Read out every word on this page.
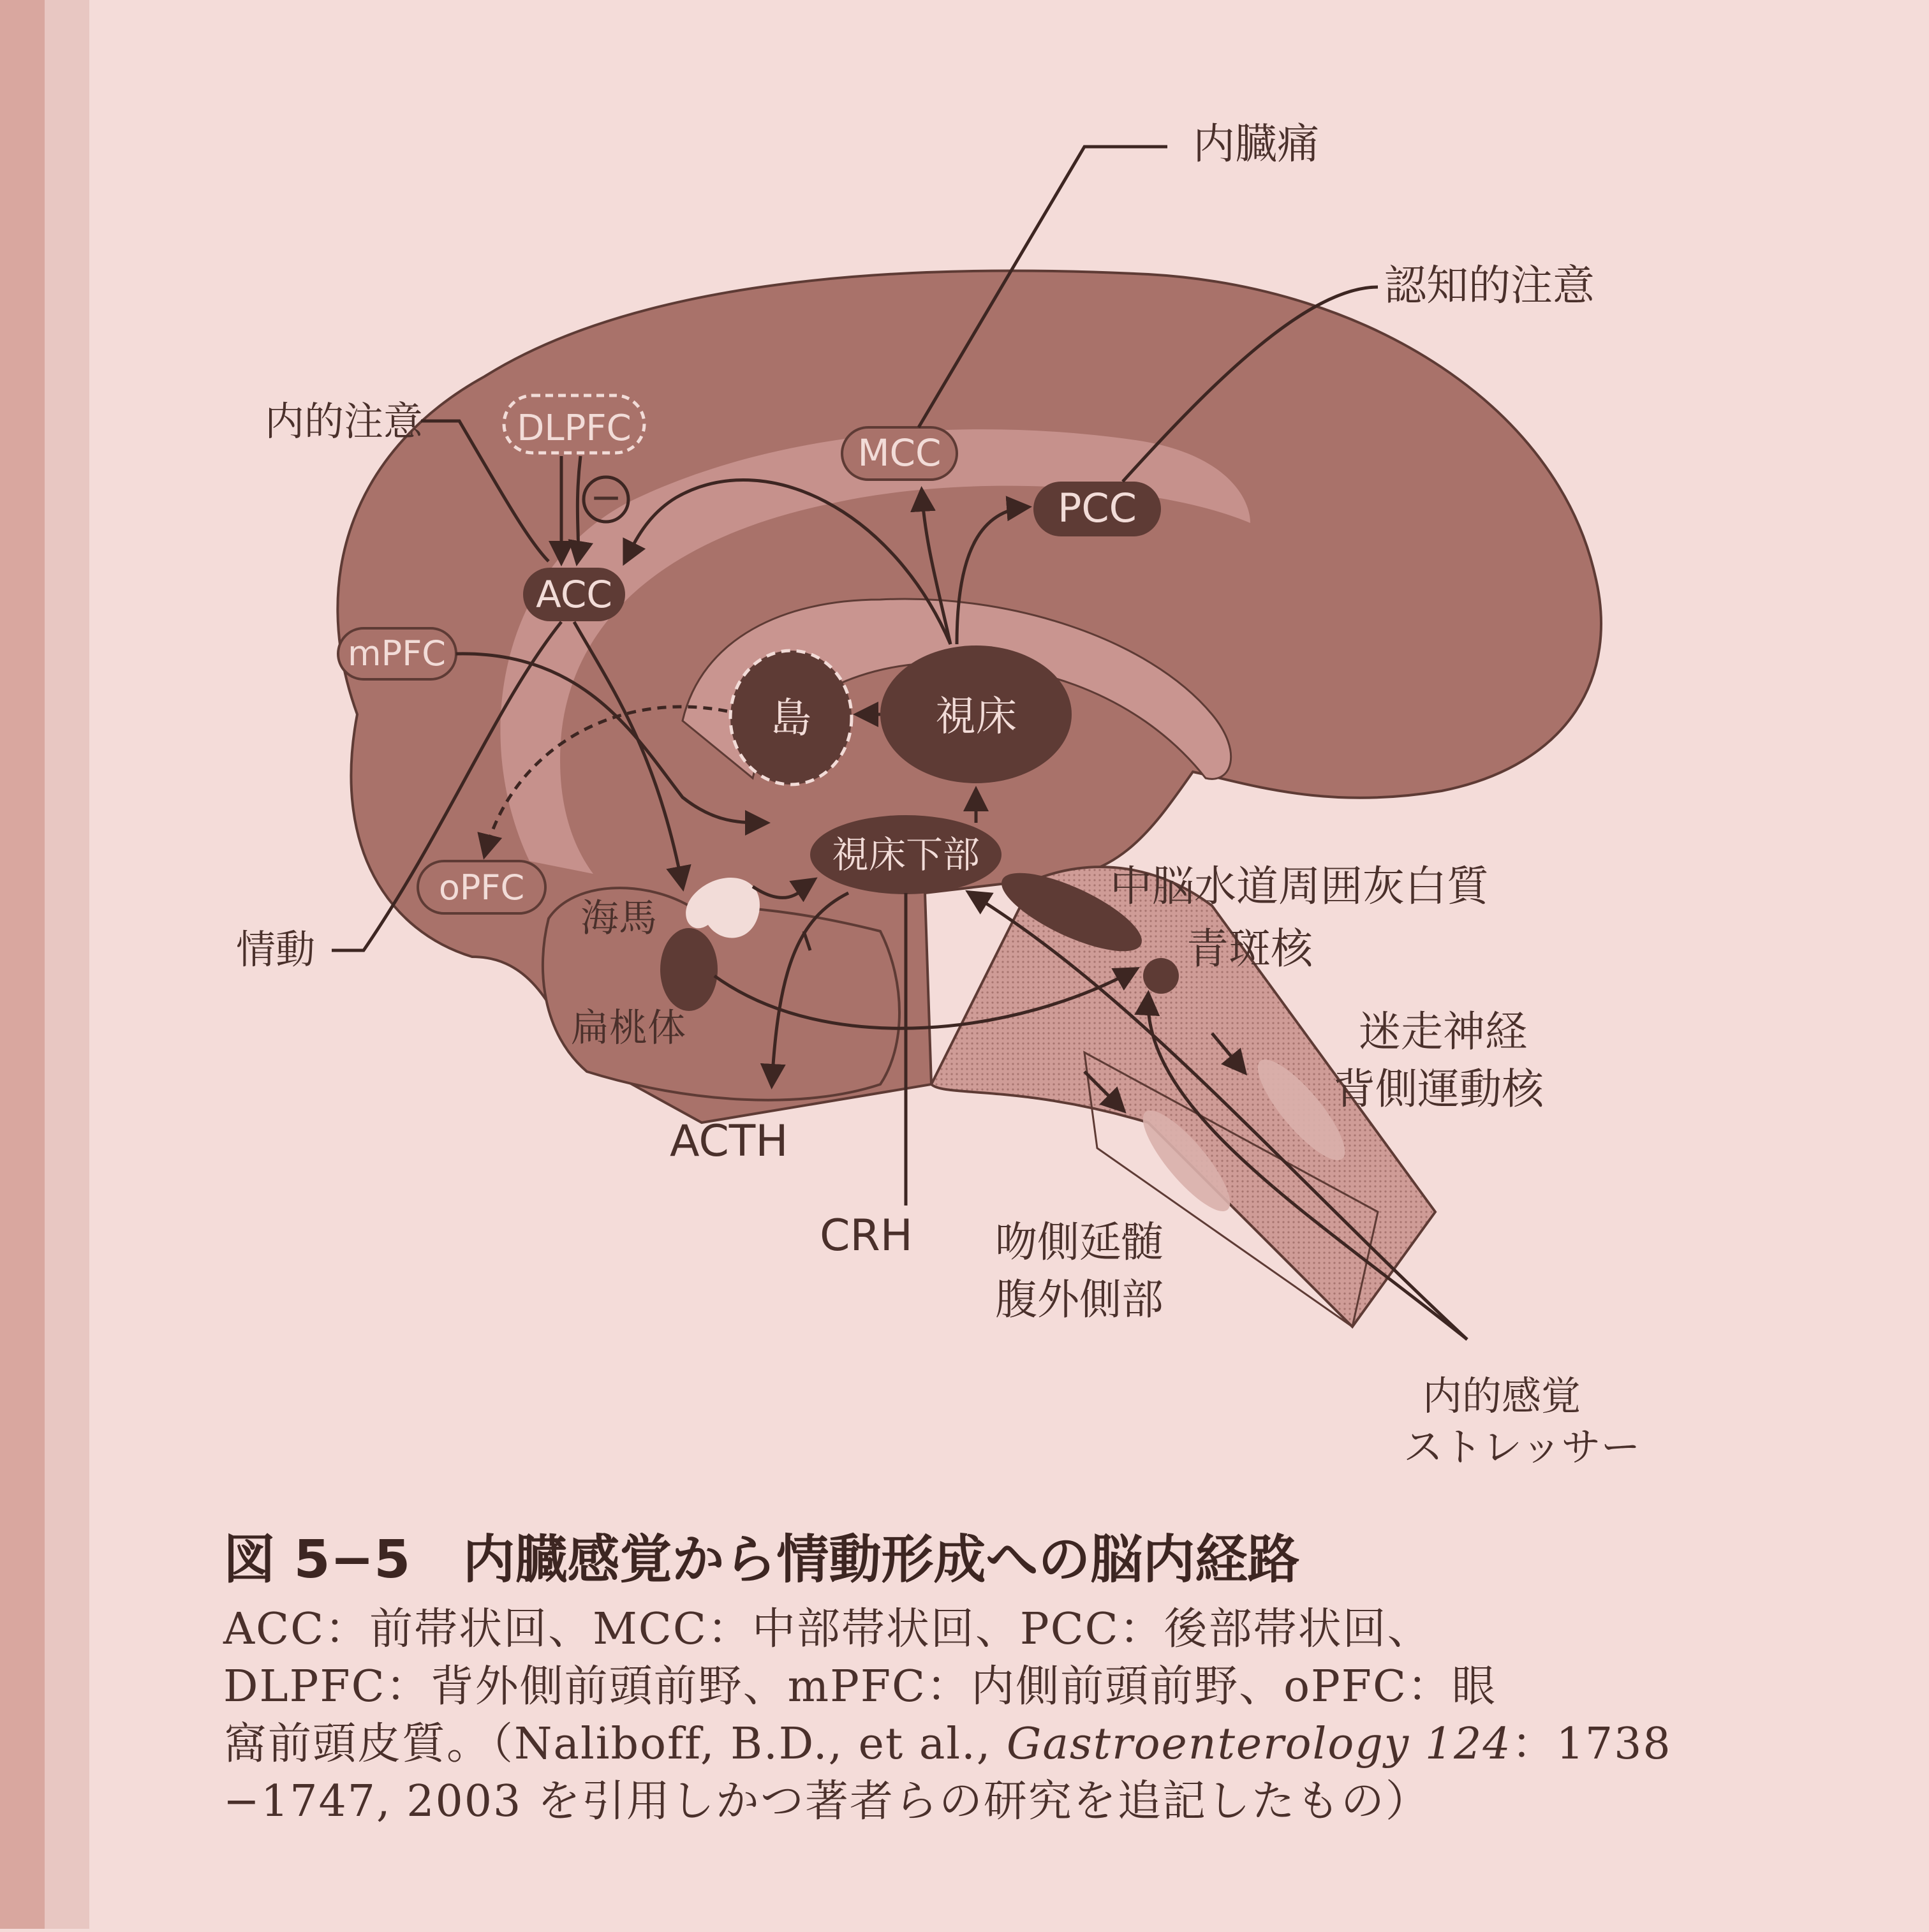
DLPFC
−
ACC
mPFC
MCC
PCC
島	視床
視床下部
oPFC
内臓痛
認知的注意
内的注意
情動
海馬
扁桃体
ACTH
CRH
中脳水道周囲灰白質
青斑核
迷走神経
背側運動核
吻側延髄
腹外側部
内的感覚
ストレッサー
図 5−5　内臓感覚から情動形成への脳内経路
ACC：前帯状回、MCC：中部帯状回、PCC：後部帯状回、
DLPFC：背外側前頭前野、mPFC：内側前頭前野、oPFC：眼
窩前頭皮質。（Naliboff, B.D., et al., Gastroenterology 124：1738
−1747, 2003 を引用しかつ著者らの研究を追記したもの）
